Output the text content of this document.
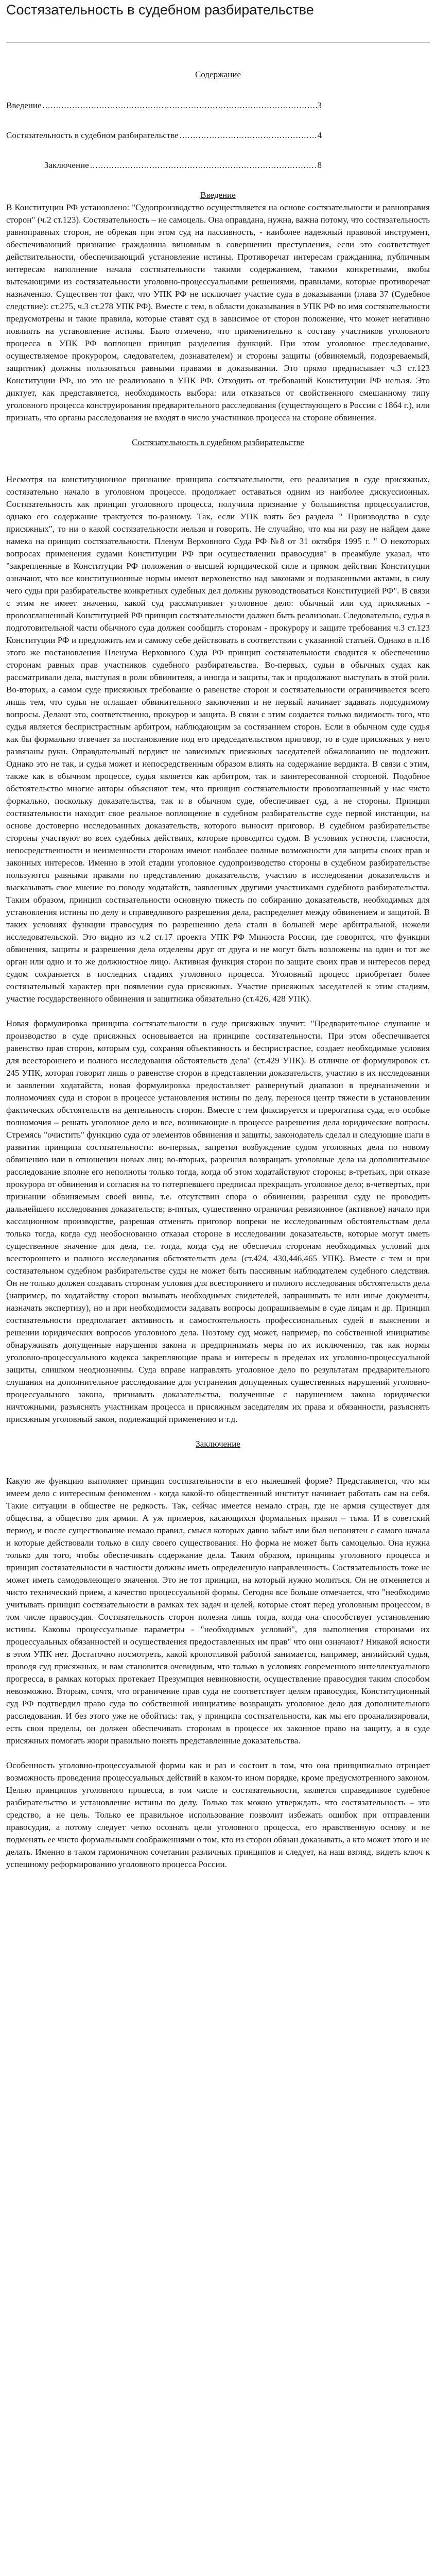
Состязательность в судебном разбирательстве
Содержание
Введение .....	3
Состязательность в судебном разбирательстве .....	4
Заключение .....	8
Введение

В Конституции РФ установлено: "Судопроизводство осуществляется на основе состязательности и равноправия сторон" (ч.2 ст.123). Состязательность – не самоцель. Она оправдана, нужна, важна потому, что состязательность равноправных сторон, не обрекая при этом суд на пассивность, - наиболее надежный правовой инструмент, обеспечивающий признание гражданина виновным в совершении преступления, если это соответствует действительности, обеспечивающий установление истины. Противоречат интересам гражданина, публичным интересам наполнение начала состязательности такими содержанием, такими конкретными, якобы вытекающими из состязательности уголовно-процессуальными решениями, правилами, которые противоречат назначению. Существен тот факт, что УПК РФ не исключает участие суда в доказывании (глава 37 (Судебное следствие): ст.275, ч.3 ст.278 УПК РФ). Вместе с тем, в области доказывания в УПК РФ во имя состязательности предусмотрены и такие правила, которые ставят суд в зависимое от сторон положение, что может негативно повлиять на установление истины. Было отмечено, что применительно к составу участников уголовного процесса в УПК РФ воплощен принцип разделения функций. При этом уголовное преследование, осуществляемое прокурором, следователем, дознавателем) и стороны защиты (обвиняемый, подозреваемый, защитник) должны пользоваться равными правами в доказывании. Это прямо предписывает ч.3 ст.123 Конституции РФ, но это не реализовано в УПК РФ. Отходить от требований Конституции РФ нельзя. Это диктует, как представляется, необходимость выбора: или отказаться от свойственного смешанному типу уголовного процесса конструирования предварительного расследования (существующего в России с 1864 г.), или признать, что органы расследования не входят в число участников процесса на стороне обвинения.

Состязательность в судебном разбирательстве

Несмотря на конституционное признание принципа состязательности, его реализация в суде присяжных, состязательно начало в уголовном процессе. продолжает оставаться одним из наиболее дискуссионных. Состязательность как принцип уголовного процесса, получила признание у большинства процессуалистов, однако его содержание трактуется по-разному. Так, если УПК взять без раздела " Производства в суде присяжных", то ни о какой состязательности нельзя и говорить. Не случайно, что мы ни разу не найдем даже намека на принцип состязательности. Пленум Верховного Суда РФ №8 от 31 октября 1995 г. " О некоторых вопросах применения судами Конституции РФ при осуществлении правосудия" в преамбуле указал, что "закрепленные в Конституции РФ положения о высшей юридической силе и прямом действии Конституции означают, что все конституционные нормы имеют верховенство над законами и подзаконными актами, в силу чего суды при разбирательстве конкретных судебных дел должны руководствоваться Конституцией РФ". В связи с этим не имеет значения, какой суд рассматривает уголовное дело: обычный или суд присяжных - провозглашенный Конституцией РФ принцип состязательности должен быть реализован. Следовательно, судья в подготовительной части обычного суда должен сообщить сторонам - прокурору и защите требования ч.3 ст.123 Конституции РФ и предложить им и самому себе действовать в соответствии с указанной статьей. Однако в п.16 этого же постановления Пленума Верховного Суда РФ принцип состязательности сводится к обеспечению сторонам равных прав участников судебного разбирательства. Во-первых, судьи в обычных судах как рассматривали дела, выступая в роли обвинителя, а иногда и защиты, так и продолжают выступать в этой роли. Во-вторых, а самом суде присяжных требование о равенстве сторон и состязательности ограничивается всего лишь тем, что судья не оглашает обвинительного заключения и не первый начинает задавать подсудимому вопросы. Делают это, соответственно, прокурор и защита. В связи с этим создается только видимость того, что судья является беспристрастным арбитром, наблюдающим за состязанием сторон. Если в обычном суде судья как бы формально отвечает за постановление под его председательством приговор, то в суде присяжных у него развязаны руки. Оправдательный вердикт не зависимых присяжных заседателей обжалованию не подлежит. Однако это не так, и судья может и непосредственным образом влиять на содержание вердикта. В связи с этим, также как в обычном процессе, судья является как арбитром, так и заинтересованной стороной. Подобное обстоятельство многие авторы объясняют тем, что принцип состязательности провозглашенный у нас чисто формально, поскольку доказательства, так и в обычном суде, обеспечивает суд, а не стороны. Принцип состязательности находит свое реальное воплощение в судебном разбирательстве суде первой инстанции, на основе достоверно исследованных доказательств, которого выносит приговор. В судебном разбирательстве стороны участвуют во всех судебных действиях, которые проводятся судом. В условиях устности, гласности, непосредственности и неизменности сторонам имеют наиболее полные возможности для защиты своих прав и законных интересов. Именно в этой стадии уголовное судопроизводство стороны в судебном разбирательстве пользуются равными правами по представлению доказательств, участию в исследовании доказательств и высказывать свое мнение по поводу ходатайств, заявленных другими участниками судебного разбирательства. Таким образом, принцип состязательности основную тяжесть по собиранию доказательств, необходимых для установления истины по делу и справедливого разрешения дела, распределяет между обвинением и защитой. В таких условиях функции правосудия по разрешению дела стали в большей мере арбитральной, нежели исследовательской. Это видно из ч.2 ст.17 проекта УПК РФ Минюста России, где говорится, что функции обвинения, защиты и разрешения дела отделены друг от друга и не могут быть возложены на один и тот же орган или одно и то же должностное лицо. Активная функция сторон по защите своих прав и интересов перед судом сохраняется в последних стадиях уголовного процесса. Уголовный процесс приобретает более состязательный характер при появлении суда присяжных. Участие присяжных заседателей к этим стадиям, участие государственного обвинения и защитника обязательно (ст.426, 428 УПК).

Новая формулировка принципа состязательности в суде присяжных звучит: "Предварительное слушание и производство в суде присяжных основывается на принципе состязательности. При этом обеспечивается равенство прав сторон, которым суд, сохраняя объективность и беспристрастие, создает необходимые условия для всестороннего и полного исследования обстоятельств дела" (ст.429 УПК). В отличие от формулировок ст. 245 УПК, которая говорит лишь о равенстве сторон в представлении доказательств, участию в их исследовании и заявлении ходатайств, новая формулировка предоставляет развернутый диапазон в предназначении и полномочиях суда и сторон в процессе установления истины по делу, перенося центр тяжести в установлении фактических обстоятельств на деятельность сторон. Вместе с тем фиксируется и прерогатива суда, его особые полномочия – решать уголовное дело и все, возникающие в процессе разрешения дела юридические вопросы. Стремясь "очистить" функцию суда от элементов обвинения и защиты, законодатель сделал и следующие шаги в развитии принципа состязательности: во-первых, запретил возбуждение судом уголовных дела по новому обвинению или в отношении новых лиц; во-вторых, разрешил возвращать уголовные дела на дополнительное расследование вполне его неполноты только тогда, когда об этом ходатайствуют стороны; в-третьих, при отказе прокурора от обвинения и согласия на то потерпевшего предписал прекращать уголовное дело; в-четвертых, при признании обвиняемым своей вины, т.е. отсутствии спора о обвинении, разрешил суду не проводить дальнейшего исследования доказательств; в-пятых, существенно ограничил ревизионное (активное) начало при кассационном производстве, разрешая отменять приговор вопреки не исследованным обстоятельствам дела только тогда, когда суд необоснованно отказал стороне в исследовании доказательств, которые могут иметь существенное значение для дела, т.е. тогда, когда суд не обеспечил сторонам необходимых условий для всестороннего и полного исследования обстоятельств дела (ст.424, 430,446,465 УПК). Вместе с тем и при состязательном судебном разбирательстве суды не может быть пассивным наблюдателем судебного следствия. Он не только должен создавать сторонам условия для всестороннего и полного исследования обстоятельств дела (например, по ходатайству сторон вызывать необходимых свидетелей, запрашивать те или иные документы, назначать экспертизу), но и при необходимости задавать вопросы допрашиваемым в суде лицам и др. Принцип состязательности предполагает активность и самостоятельность профессиональных судей в выяснении и решении юридических вопросов уголовного дела. Поэтому суд может, например, по собственной инициативе обнаруживать допущенные нарушения закона и предпринимать меры по их исключению, так как нормы уголовно-процессуального кодекса закрепляющие права и интересы в пределах их уголовно-процессуальной защиты, слишком неоднозначны. Суда вправе направлять уголовное дело по результатам предварительного слушания на дополнительное расследование для устранения допущенных существенных нарушений уголовно-процессуального закона, признавать доказательства, полученные с нарушением закона юридически ничтожными, разъяснять участникам процесса и присяжным заседателям их права и обязанности, разъяснять присяжным уголовный закон, подлежащий применению и т.д.

Заключение

Какую же функцию выполняет принцип состязательности в его нынешней форме? Представляется, что мы имеем дело с интересным феноменом - когда какой-то общественный институт начинает работать сам на себя. Такие ситуации в обществе не редкость. Так, сейчас имеется немало стран, где не армия существует для общества, а общество для армии. А уж примеров, касающихся формальных правил – тьма. И в советский период, и после существование немало правил, смысл которых давно забыт или был непонятен с самого начала и которые действовали только в силу своего существования. Но форма не может быть самоцелью. Она нужна только для того, чтобы обеспечивать содержание дела. Таким образом, принципы уголовного процесса и принцип состязательности в частности должны иметь определенную направленность. Состязательность тоже не может иметь самодовлеющего значения. Это не тот принцип, на который нужно молиться. Он не отменяется и чисто технический прием, а качество процессуальной формы. Сегодня все больше отмечается, что "необходимо учитывать принцип состязательности в рамках тех задач и целей, которые стоят перед уголовным процессом, в том числе правосудия. Состязательность сторон полезна лишь тогда, когда она способствует установлению истины. Каковы процессуальные параметры - "необходимых условий", для выполнения сторонами их процессуальных обязанностей и осуществления предоставленных им прав" что они означают? Никакой ясности в этом УПК нет. Достаточно посмотреть, какой кропотливой работой занимается, например, английский судья, проводя суд присяжных, и вам становится очевидным, что только в условиях современного интеллектуального прогресса, в рамках которых протекает Презумпция невиновности, осуществление правосудия таким способом невозможно. Вторым, сочтя, что ограничение прав суда не соответствует целям правосудия, Конституционный суд РФ подтвердил право суда по собственной инициативе возвращать уголовное дело для дополнительного расследования. И без этого уже не обойтись: так, у принципа состязательности, как мы его проанализировали, есть свои пределы, он должен обеспечивать сторонам в процессе их законное право на защиту, а в суде присяжных помогать жюри правильно понять представленные доказательства.

Особенность уголовно-процессуальной формы как и раз и состоит в том, что она принципиально отрицает возможность проведения процессуальных действий в каком-то ином порядке, кроме предусмотренного законом. Целью принципов уголовного процесса, в том числе и состязательности, является справедливое судебное разбирательство и установление истины по делу. Только так можно утверждать, что состязательность – это средство, а не цель. Только ее правильное использование позволит избежать ошибок при отправлении правосудия, а потому следует четко осознать цели уголовного процесса, его нравственную основу и не подменять ее чисто формальными соображениями о том, кто из сторон обязан доказывать, а кто может этого и не делать. Именно в таком гармоничном сочетании различных принципов и следует, на наш взгляд, видеть ключ к успешному реформированию уголовного процесса России.
